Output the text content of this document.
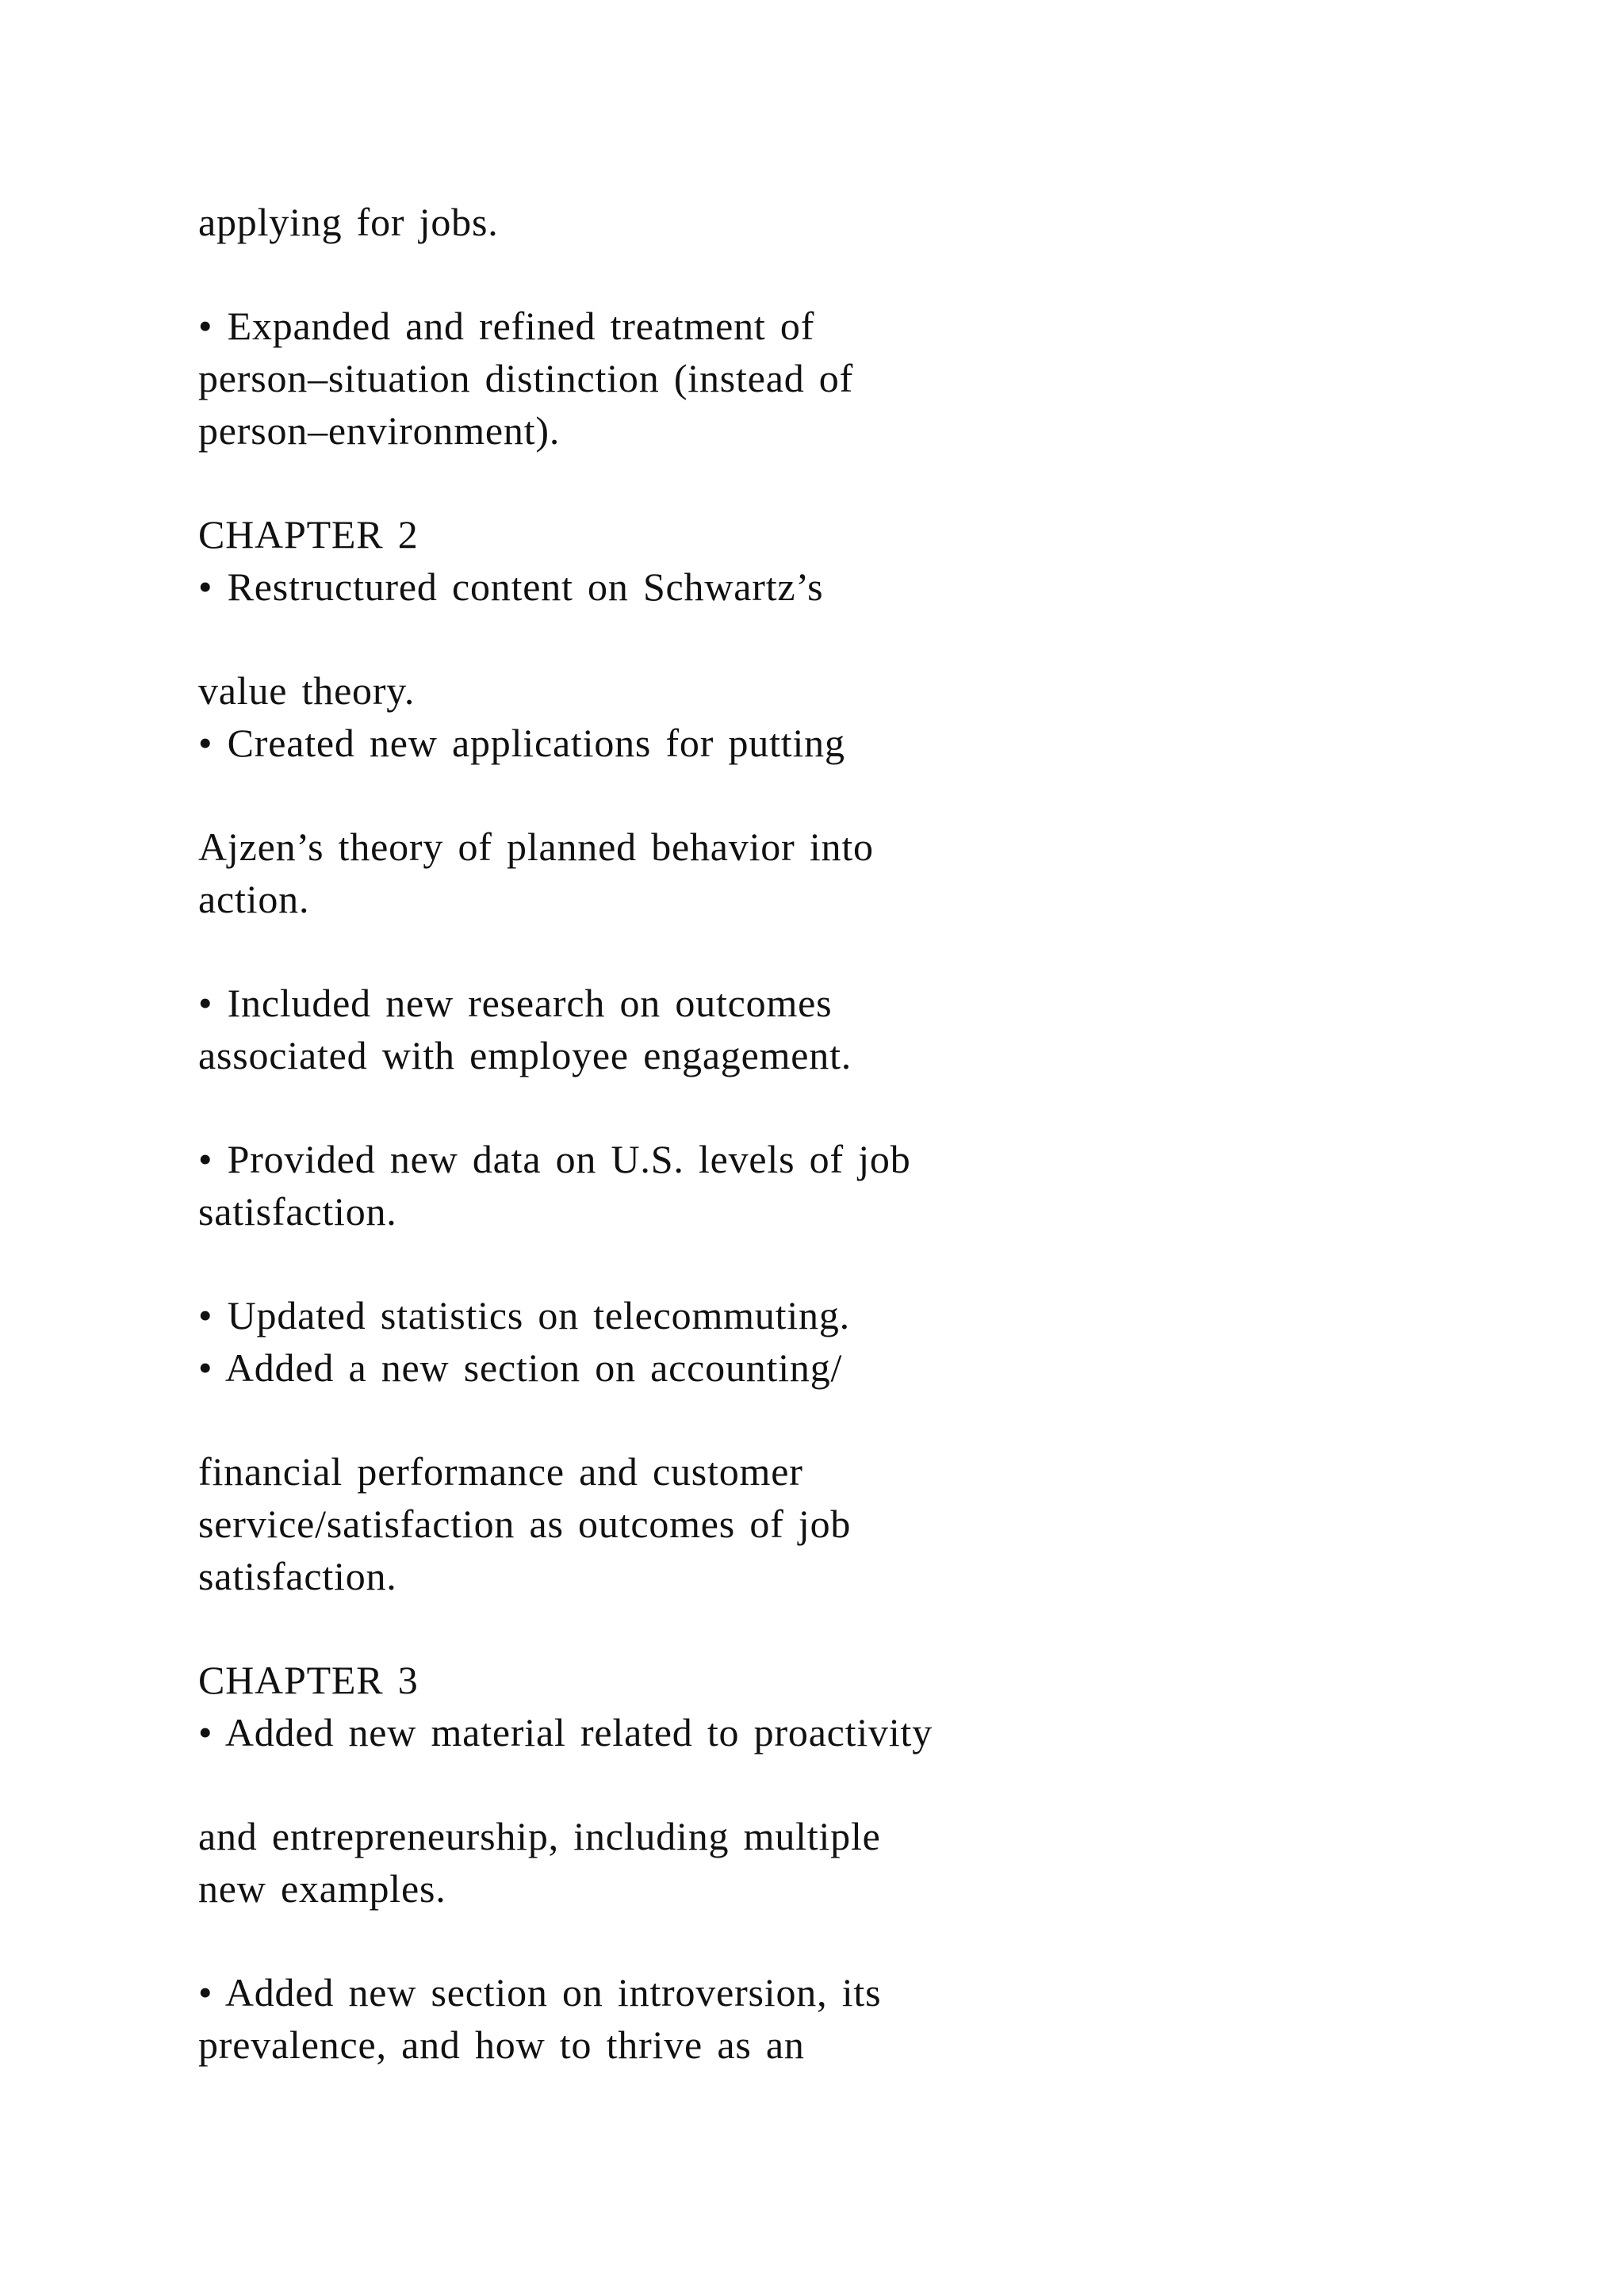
applying for jobs.

• Expanded and refined treatment of

person–situation distinction (instead of

person–environment).

CHAPTER 2

• Restructured content on Schwartz’s

value theory.

• Created new applications for putting

Ajzen’s theory of planned behavior into

action.

• Included new research on outcomes

associated with employee engagement.

• Provided new data on U.S. levels of job

satisfaction.

• Updated statistics on telecommuting.

• Added a new section on accounting/

financial performance and customer

service/satisfaction as outcomes of job

satisfaction.

CHAPTER 3

• Added new material related to proactivity

and entrepreneurship, including multiple

new examples.

• Added new section on introversion, its

prevalence, and how to thrive as an
